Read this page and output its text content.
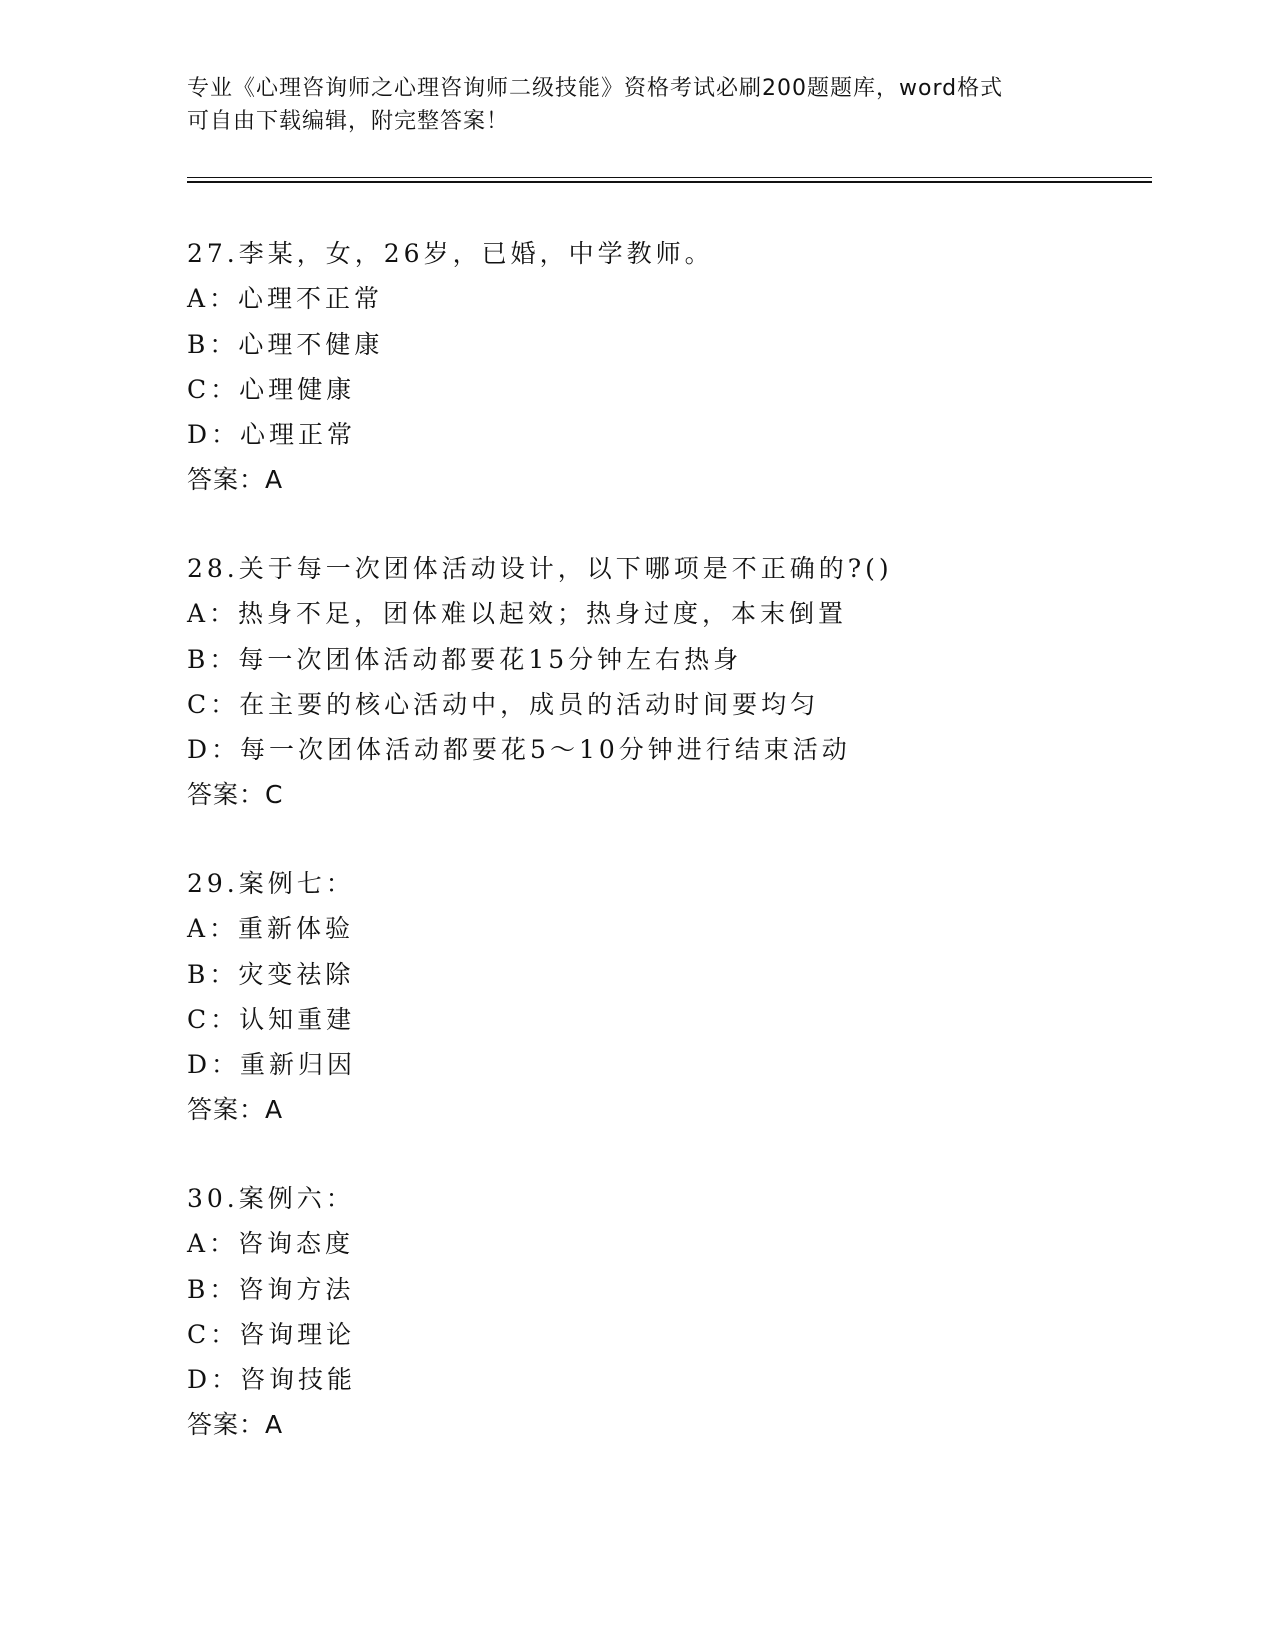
专业《心理咨询师之心理咨询师二级技能》资格考试必刷200题题库，word格式
可自由下载编辑，附完整答案！
27.李某，女，26岁，已婚，中学教师。
A：心理不正常
B：心理不健康
C：心理健康
D：心理正常
答案：A
28.关于每一次团体活动设计，以下哪项是不正确的?()
A：热身不足，团体难以起效；热身过度，本末倒置
B：每一次团体活动都要花15分钟左右热身
C：在主要的核心活动中，成员的活动时间要均匀
D：每一次团体活动都要花5～10分钟进行结束活动
答案：C
29.案例七：
A：重新体验
B：灾变祛除
C：认知重建
D：重新归因
答案：A
30.案例六：
A：咨询态度
B：咨询方法
C：咨询理论
D：咨询技能
答案：A
